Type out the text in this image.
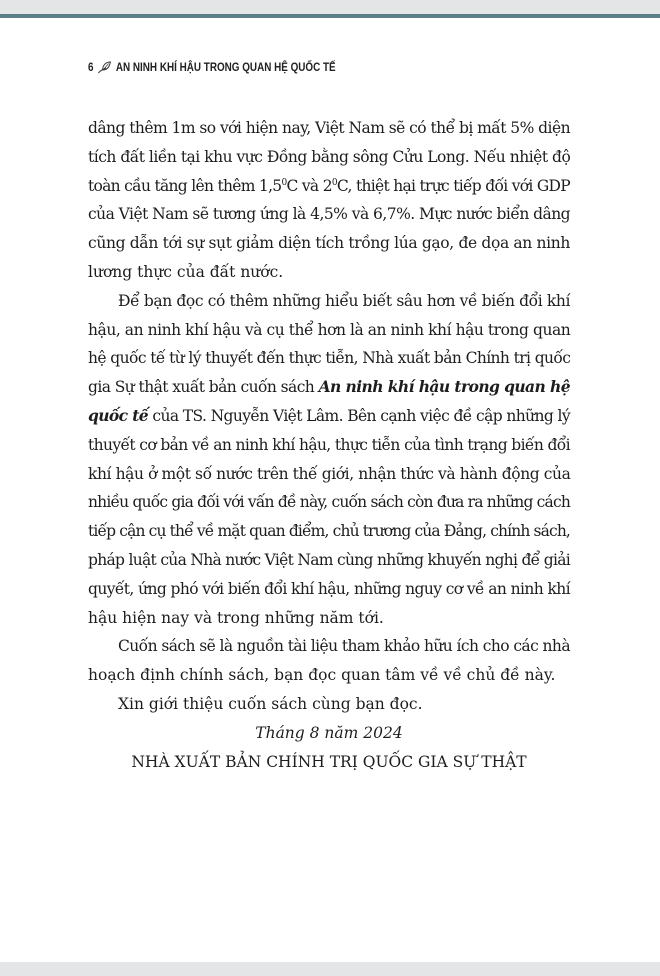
6 AN NINH KHÍ HẬU TRONG QUAN HỆ QUỐC TẾ
dâng thêm 1m so với hiện nay, Việt Nam sẽ có thể bị mất 5% diện
tích đất liền tại khu vực Đồng bằng sông Cửu Long. Nếu nhiệt độ
toàn cầu tăng lên thêm $1,5^0C$ và $2^0C$, thiệt hại trực tiếp đối với GDP
của Việt Nam sẽ tương ứng là 4,5% và 6,7%. Mực nước biển dâng
cũng dẫn tới sự sụt giảm diện tích trồng lúa gạo, đe dọa an ninh
lương thực của đất nước.
Để bạn đọc có thêm những hiểu biết sâu hơn về biến đổi khí
hậu, an ninh khí hậu và cụ thể hơn là an ninh khí hậu trong quan
hệ quốc tế từ lý thuyết đến thực tiễn, Nhà xuất bản Chính trị quốc
gia Sự thật xuất bản cuốn sách An ninh khí hậu trong quan hệ
quốc tế của TS. Nguyễn Việt Lâm. Bên cạnh việc đề cập những lý
thuyết cơ bản về an ninh khí hậu, thực tiễn của tình trạng biến đổi
khí hậu ở một số nước trên thế giới, nhận thức và hành động của
nhiều quốc gia đối với vấn đề này, cuốn sách còn đưa ra những cách
tiếp cận cụ thể về mặt quan điểm, chủ trương của Đảng, chính sách,
pháp luật của Nhà nước Việt Nam cùng những khuyến nghị để giải
quyết, ứng phó với biến đổi khí hậu, những nguy cơ về an ninh khí
hậu hiện nay và trong những năm tới.
Cuốn sách sẽ là nguồn tài liệu tham khảo hữu ích cho các nhà
hoạch định chính sách, bạn đọc quan tâm về về chủ đề này.
Xin giới thiệu cuốn sách cùng bạn đọc.
Tháng 8 năm 2024
NHÀ XUẤT BẢN CHÍNH TRỊ QUỐC GIA SỰ THẬT
